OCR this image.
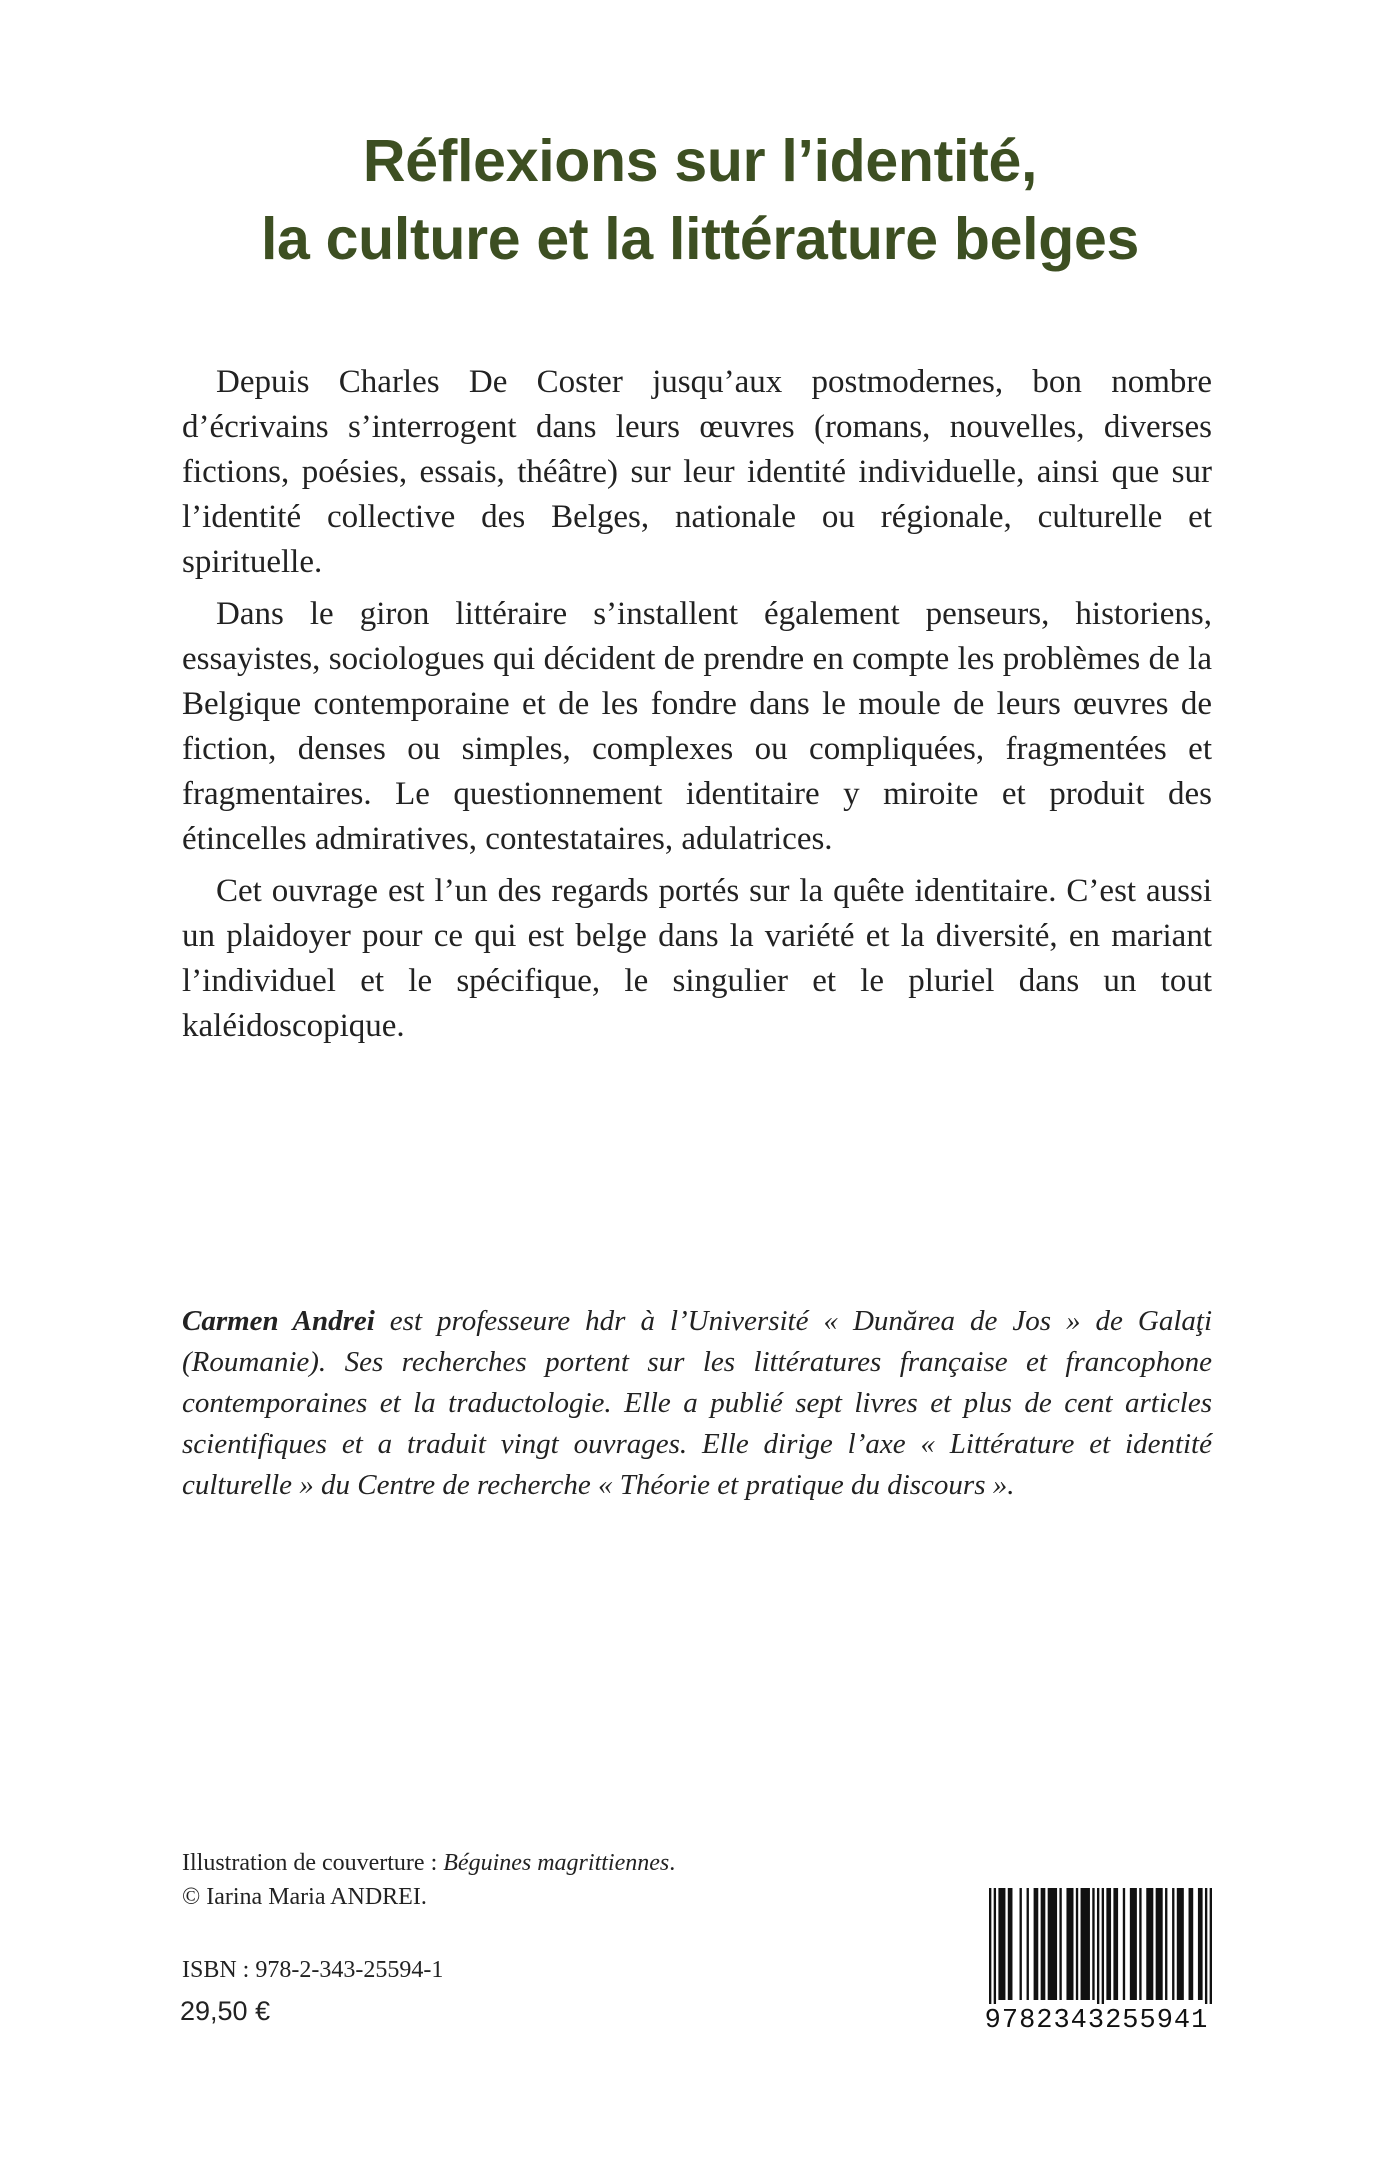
Réflexions sur l’identité,
la culture et la littérature belges

Depuis Charles De Coster jusqu’aux postmodernes, bon nombre d’écrivains s’interrogent dans leurs œuvres (romans, nouvelles, diverses fictions, poésies, essais, théâtre) sur leur identité individuelle, ainsi que sur l’identité collective des Belges, nationale ou régionale, culturelle et spirituelle.

Dans le giron littéraire s’installent également penseurs, historiens, essayistes, sociologues qui décident de prendre en compte les problèmes de la Belgique contemporaine et de les fondre dans le moule de leurs œuvres de fiction, denses ou simples, complexes ou compliquées, fragmentées et fragmentaires. Le questionnement identitaire y miroite et produit des étincelles admiratives, contestataires, adulatrices.

Cet ouvrage est l’un des regards portés sur la quête identitaire. C’est aussi un plaidoyer pour ce qui est belge dans la variété et la diversité, en mariant l’individuel et le spécifique, le singulier et le pluriel dans un tout kaléidoscopique.

Carmen Andrei est professeure hdr à l’Université « Dunărea de Jos » de Galaţi (Roumanie). Ses recherches portent sur les littératures française et francophone contemporaines et la traductologie. Elle a publié sept livres et plus de cent articles scientifiques et a traduit vingt ouvrages. Elle dirige l’axe « Littérature et identité culturelle » du Centre de recherche « Théorie et pratique du discours ».
Illustration de couverture : Béguines magrittiennes.
© Iarina Maria ANDREI.
ISBN : 978-2-343-25594-1
29,50 €	9782343255941
